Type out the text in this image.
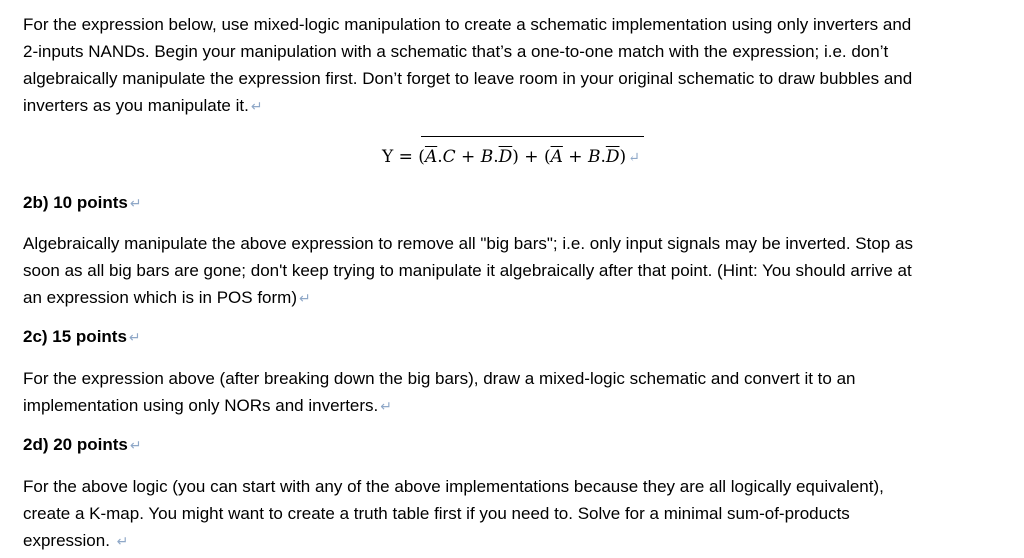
For the expression below, use mixed-logic manipulation to create a schematic implementation using only inverters and

2-inputs NANDs. Begin your manipulation with a schematic that’s a one-to-one match with the expression; i.e. don’t

algebraically manipulate the expression first. Don’t forget to leave room in your original schematic to draw bubbles and

inverters as you manipulate it. ↵

$Y = (\overline{A}.C + B.\overline{D}) + (\overline{A} + B.\overline{D})$ ↵

2b) 10 points ↵

Algebraically manipulate the above expression to remove all "big bars"; i.e. only input signals may be inverted. Stop as

soon as all big bars are gone; don't keep trying to manipulate it algebraically after that point. (Hint: You should arrive at

an expression which is in POS form) ↵

2c) 15 points ↵

For the expression above (after breaking down the big bars), draw a mixed-logic schematic and convert it to an

implementation using only NORs and inverters. ↵

2d) 20 points ↵

For the above logic (you can start with any of the above implementations because they are all logically equivalent),

create a K-map. You might want to create a truth table first if you need to. Solve for a minimal sum-of-products

expression. ↵
